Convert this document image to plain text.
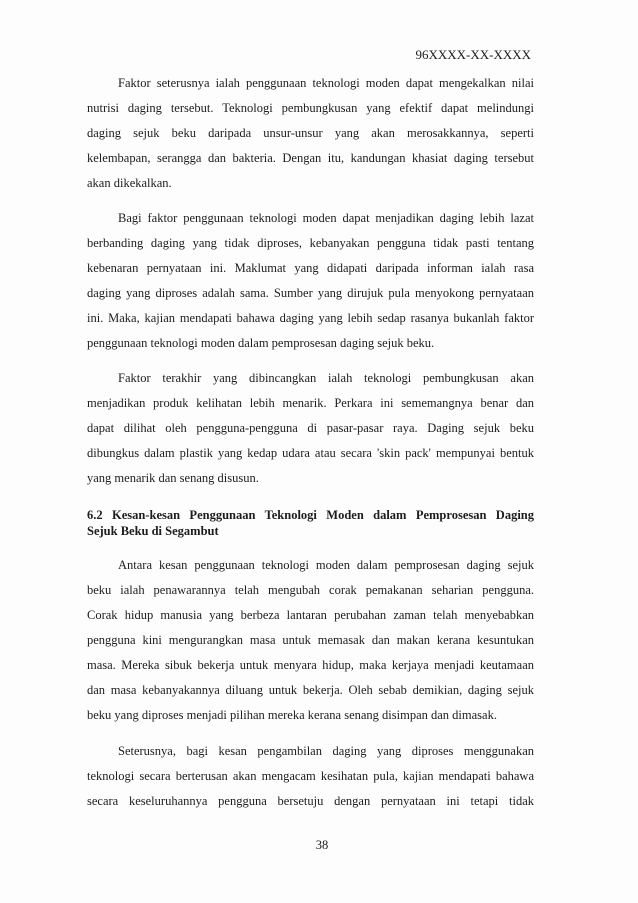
96XXXX-XX-XXXX
Faktor seterusnya ialah penggunaan teknologi moden dapat mengekalkan nilai
nutrisi daging tersebut. Teknologi pembungkusan yang efektif dapat melindungi
daging sejuk beku daripada unsur-unsur yang akan merosakkannya, seperti
kelembapan, serangga dan bakteria. Dengan itu, kandungan khasiat daging tersebut
akan dikekalkan.
Bagi faktor penggunaan teknologi moden dapat menjadikan daging lebih lazat
berbanding daging yang tidak diproses, kebanyakan pengguna tidak pasti tentang
kebenaran pernyataan ini. Maklumat yang didapati daripada informan ialah rasa
daging yang diproses adalah sama. Sumber yang dirujuk pula menyokong pernyataan
ini. Maka, kajian mendapati bahawa daging yang lebih sedap rasanya bukanlah faktor
penggunaan teknologi moden dalam pemprosesan daging sejuk beku.
Faktor terakhir yang dibincangkan ialah teknologi pembungkusan akan
menjadikan produk kelihatan lebih menarik. Perkara ini sememangnya benar dan
dapat dilihat oleh pengguna-pengguna di pasar-pasar raya. Daging sejuk beku
dibungkus dalam plastik yang kedap udara atau secara 'skin pack' mempunyai bentuk
yang menarik dan senang disusun.
6.2 Kesan-kesan Penggunaan Teknologi Moden dalam Pemprosesan Daging
Sejuk Beku di Segambut
Antara kesan penggunaan teknologi moden dalam pemprosesan daging sejuk
beku ialah penawarannya telah mengubah corak pemakanan seharian pengguna.
Corak hidup manusia yang berbeza lantaran perubahan zaman telah menyebabkan
pengguna kini mengurangkan masa untuk memasak dan makan kerana kesuntukan
masa. Mereka sibuk bekerja untuk menyara hidup, maka kerjaya menjadi keutamaan
dan masa kebanyakannya diluang untuk bekerja. Oleh sebab demikian, daging sejuk
beku yang diproses menjadi pilihan mereka kerana senang disimpan dan dimasak.
Seterusnya, bagi kesan pengambilan daging yang diproses menggunakan
teknologi secara berterusan akan mengacam kesihatan pula, kajian mendapati bahawa
secara keseluruhannya pengguna bersetuju dengan pernyataan ini tetapi tidak
38
